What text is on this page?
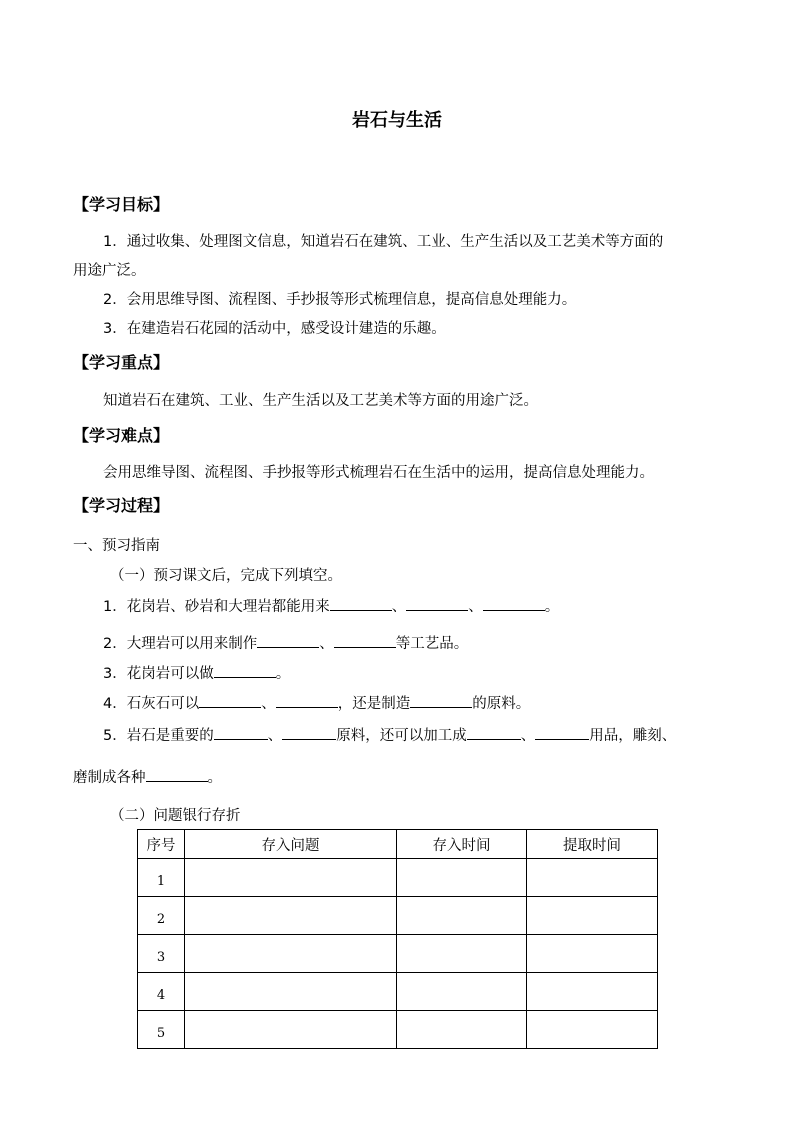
岩石与生活
【学习目标】
1．通过收集、处理图文信息，知道岩石在建筑、工业、生产生活以及工艺美术等方面的
用途广泛。
2．会用思维导图、流程图、手抄报等形式梳理信息，提高信息处理能力。
3．在建造岩石花园的活动中，感受设计建造的乐趣。
【学习重点】
知道岩石在建筑、工业、生产生活以及工艺美术等方面的用途广泛。
【学习难点】
会用思维导图、流程图、手抄报等形式梳理岩石在生活中的运用，提高信息处理能力。
【学习过程】
一、预习指南
（一）预习课文后，完成下列填空。
1．花岗岩、砂岩和大理岩都能用来	、	、	。
2．大理岩可以用来制作	、	等工艺品。
3．花岗岩可以做	。
4．石灰石可以	、	，还是制造	的原料。
5．岩石是重要的	、	原料，还可以加工成	、	用品，雕刻、
磨制成各种	。
（二）问题银行存折
序号	存入问题	存入时间	提取时间
1			
2			
3			
4			
5			
